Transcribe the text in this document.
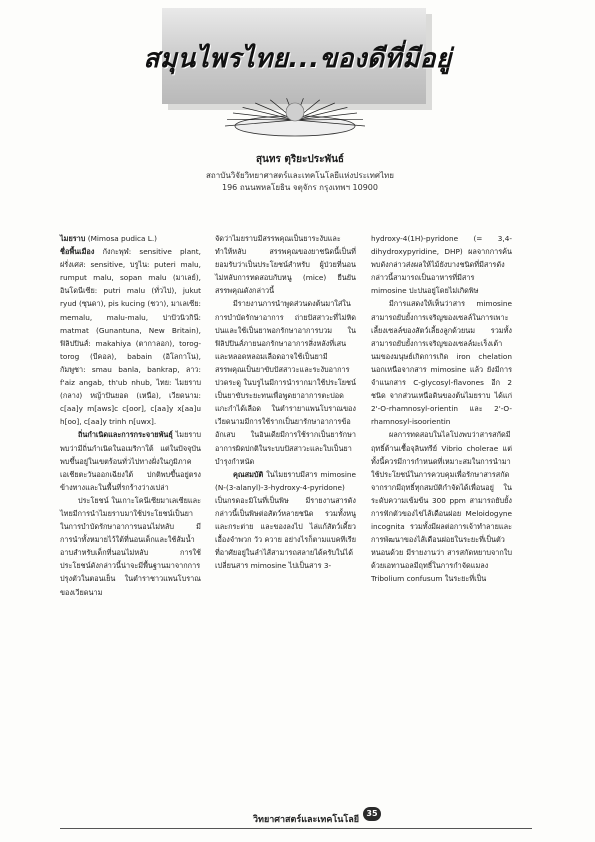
สมุนไพรไทย...ของดีที่มีอยู่
สุนทร ตุริยะประพันธ์
สถาบันวิจัยวิทยาศาสตร์และเทคโนโลยีแห่งประเทศไทย
196 ถนนพหลโยธิน จตุจักร กรุงเทพฯ 10900

ไมยราบ (Mimosa pudica L.)

ชื่อพื้นเมือง กังกะพุฬ: sensitive plant, ฝรั่งเศส: sensitive, บรูไน: puteri malu, rumput malu, sopan malu (มาเลย์), อินโดนีเซีย: putri malu (ทั่วไป), jukut ryud (ซุนดา), pis kucing (ชวา), มาเลเซีย: memalu, malu-malu, ปาปัวนิวกินี: matmat (Gunantuna, New Britain), ฟิลิปปินส์: makahiya (ตากาลอก), torog-torog (บีคอล), babain (อิโลกาโน), กัมพูชา: smau banla, bankrap, ลาว: f'aiz angab, th'ub nhub, ไทย: ไมยราบ (กลาง) หญ้าปันยอด (เหนือ), เวียดนาม: c[aa]y m[aws]c c[oor], c[aa]y x[aa]u h[oo], c[aa]y trinh n[uwx].

ถิ่นกำเนิดและการกระจายพันธุ์ ไมยราบพบว่ามีถิ่นกำเนิดในอเมริกาใต้ แต่ในปัจจุบันพบขึ้นอยู่ในเขตร้อนทั่วไปทางฝั่งในภูมิภาคเอเชียตะวันออกเฉียงใต้ ปกติพบขึ้นอยู่ตรงข้างทางและในพื้นที่รกร้างว่างเปล่า

ประโยชน์ ในเกาะโคนีเซียมาเลเซียและไทยมีการนำไมยราบมาใช้ประโยชน์เป็นยาในการบำบัดรักษาอาการนอนไม่หลับ มีการนำทั้งหมายไว้ใต้ที่นอนเด็กและใช้ส้มน้ำอาบสำหรับเด็กที่นอนไม่หลับ การใช้ประโยชน์ดังกล่าวนี้น่าจะมีพื้นฐานมาจากการปรุงตัวในตอนเย็น ในตำราชาวแพนโบราณของเวียดนาม

จัดว่าไมยราบมีสรรพคุณเป็นยาระงับและทำให้หลับ สรรพคุณของยาชนิดนี้เป็นที่ยอมรับว่าเป็นประโยชน์สำหรับ ผู้ป่วยที่นอนไม่หลับการทดสอบกับหนู (mice) ยืนยันสรรพคุณดังกล่าวนี้

มีรายงานการนำพูดส่วนดงต้นมาใส่ในการบำบัดรักษาอาการ ถ่ายปัสสาวะที่ไม่หิดปนและใช้เป็นยาพอกรักษาอาการบวม ในฟิลิปปินส์ภายนอกรักษาอาการสิ่งหลังที่เสนและหลอดหลอมเลือดอาจใช้เป็นยามีสรรพคุณเป็นยาขับปัสสาวะและระงับอาการปวดระดู ในบรูไนมีการนำรากมาใช้ประโยชน์เป็นยาขับระยะทนเพื่อพูดยาอาการตะปอดแกะกำได้เลือด ในตำรายาแพนโบราณของเวียดนามมีการใช้รากเป็นยารักษาอาการข้ออักเสบ ในอินเดียมีการใช้รากเป็นยารักษาอาการผิดปกติในระบบปัสสาวะและใบเป็นยาบำรุงกำหนัด

คุณสมบัติ ในไมยราบมีสาร mimosine (N-(3-alanyl)-3-hydroxy-4-pyridone) เป็นกรดอะมิโนที่เป็นพิษ มีรายงานสารดังกล่าวนี้เป็นพิษต่อสัตว์หลายชนิด รวมทั้งหนูและกระต่าย และของลงไป ไล่แก้สัตว์เคี้ยวเอื้องจำพวก วัว ควาย อย่างไรก็ตามแบคทีเรียที่อาศัยอยู่ในลำไส้สามารถสลายได้ครับใน่ได้เปลี่ยนสาร mimosine ไปเป็นสาร 3-

hydroxy-4(1H)-pyridone (= 3,4-dihydroxypyridine, DHP) ผลจากการค้นพบดังกล่าวส่งผลให้ไม้ยังบางชนิดที่มีสารดังกล่าวนี้สามารถเป็นอาหารที่มีสาร mimosine ปะปนอยู่โดยไม่เกิดพิษ

มีการแสดงให้เห็นว่าสาร mimosine สามารถยับยั้งการเจริญของเซลล์ในการเพาะเลี้ยงเซลล์ของสัตว์เลี้ยงลูกด้วยนม รวมทั้งสามารถยับยั้งการเจริญของเซลล์มะเร็งเต้านมของมนุษย์เกิดการเกิด iron chelation นอกเหนือจากสาร mimosine แล้ว ยังมีการจำแนกสาร C-glycosyl-flavones อีก 2 ชนิด จากส่วนเหนือดินของต้นไมยราบ ได้แก่ 2'-O-rhamnosyl-orientin และ 2'-O-rhamnosyl-isoorientin

ผลการทดสอบในไลโบ่งพบว่าสารสกัดมีฤทธิ์ต้านเชื้อจุลินทรีย์ Vibrio cholerae แต่ทั้งนี้ควรมีการกำหนดที่เหมาะสมในการนำมาใช้ประโยชน์ในการควบคุมเพื่อรักษาสารสกัดจากรากมีฤทธิ์ทุกสมบัติกำจัดได้เพื่อนอยู่ ในระดับความเข้มข้น 300 ppm สามารถยับยั้งการฟักตัวของไข่ไส้เดือนฝอย Meloidogyne incognita รวมทั้งมีผลต่อการเจ้าทำลายและการพัฒนาของไส้เดือนฝอยในระยะที่เป็นตัวหนอนด้วย มีรายงานว่า สารสกัดหยาบจากใบด้วยเอทานอลมีฤทธิ์ในการกำจัดแมลง Tribolium confusum ในระยะที่เป็น

วิทยาศาสตร์และเทคโนโลยี
35
